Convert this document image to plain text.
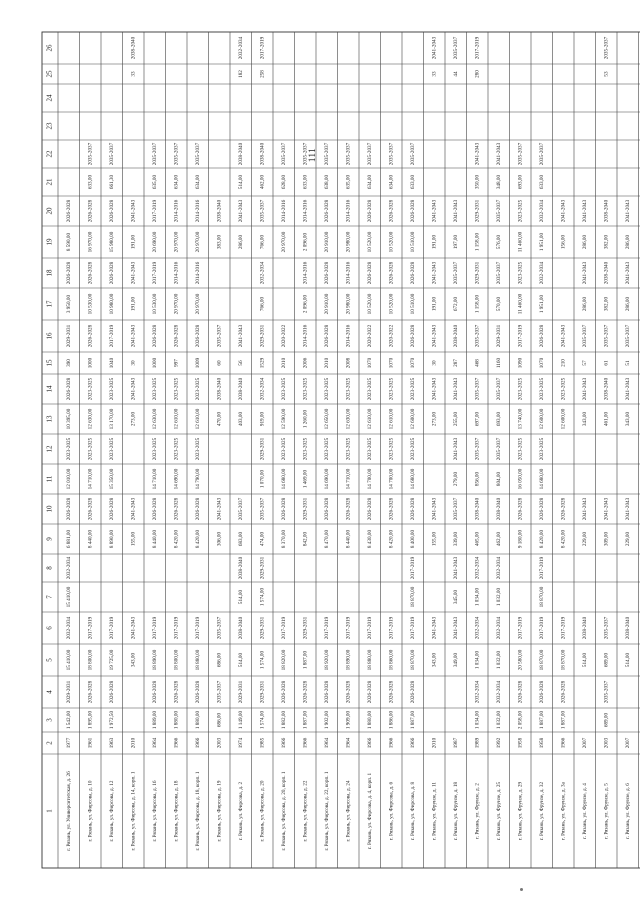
111
1
2
3
4
5
6
7
8
9
10
11
12
13
14
15
16
17
18
19
20
21
22
23
24
25
26
г. Рязань, ул. Университетская, д. 26
1977
1 542,00
2029-2031
15 410,00
2032-2034
15 410,00
2032-2034
6 881,00
2026-2028
12 010,00
2023-2025
10 395,00
2026-2028
390
2029-2031
3 950,00
2026-2028
8 590,00
2026-2028
г. Рязань, ул. Фирсова, д. 10
1961
1 895,00
2026-2028
18 800,00
2017-2019
8 440,00
2026-2028
14 710,00
2023-2025
12 630,00
2023-2025
1000
2026-2028
10 530,00
2026-2028
16 970,00
2026-2028
633,00
2035-2037
г. Рязань, ул. Фирсова, д. 12
1963
1 972,50
2026-2028
19 725,00
2017-2019
8 890,00
2026-2028
15 350,00
2023-2025
13 170,00
2023-2025
1040
2017-2019
10 980,00
2026-2028
15 980,00
2026-2028
661,30
2035-2037
г. Рязань, ул. Фирсова, д. 14, корп. 1
2010
343,00
2041-2043
155,00
2041-2043
273,00
2041-2043
30
2041-2043
191,00
2041-2043
191,00
2041-2043
33
2038-2040
г. Рязань, ул. Фирсова, д. 16
1964
1 889,00
2026-2028
18 890,00
2017-2019
8 440,00
2026-2028
14 710,00
2023-2025
12 630,00
2023-2025
1000
2026-2028
10 530,00
2017-2019
20 690,00
2017-2019
635,00
2035-2037
г. Рязань, ул. Фирсова, д. 18
1966
1 880,00
2026-2028
18 800,00
2017-2019
8 420,00
2026-2028
14 690,00
2023-2025
12 610,00
2023-2025
997
2026-2028
20 970,00
2014-2016
20 970,00
2014-2016
634,00
2035-2037
г. Рязань, ул. Фирсова, д. 18, корп. 1
1966
1 880,00
2026-2028
18 880,00
2017-2019
8 420,00
2026-2028
14 790,00
2023-2025
12 610,00
2023-2025
1009
2026-2028
20 970,00
2014-2016
20 970,00
2014-2016
634,00
2035-2037
г. Рязань, ул. Фирсова, д. 19
2003
686,00
2035-2037
686,00
2035-2037
306,00
2041-2043
470,00
2038-2040
60
2035-2037
383,00
2038-2040
г. Рязань, ул. Фирсова, д. 2
1974
1 149,00
2029-2031
514,00
2038-2040
514,00
2038-2040
683,00
2035-2037
403,00
2038-2040
56
2041-2043
286,00
2041-2043
514,00
2038-2040
182
2032-2034
г. Рязань, ул. Фирсова, д. 20
1985
1 574,00
2029-2031
1 574,00
2029-2031
1 574,00
2029-2031
474,00
2035-2037
1 070,00
2029-2031
919,00
2032-2034
1529
2029-2031
766,00
2032-2034
766,00
2035-2037
462,00
2038-2040
258
2017-2019
г. Рязань, ул. Фирсова, д. 20, корп. 1
1966
1 882,00
2026-2028
18 820,00
2017-2019
8 370,00
2026-2028
14 680,00
2023-2025
12 590,00
2023-2025
2010
2020-2022
20 970,00
2014-2016
628,00
2035-2037
г. Рязань, ул. Фирсова, д. 22
1966
1 887,00
2026-2028
1 887,00
2029-2031
842,00
2029-2031
1 469,00
2023-2025
1 260,00
2023-2025
2006
2014-2016
2 096,00
2014-2016
2 096,00
2014-2016
633,00
2035-2037
г. Рязань, ул. Фирсова, д. 22, корп. 1
1964
1 902,00
2026-2028
18 920,00
2017-2019
8 470,00
2026-2028
14 690,00
2023-2025
12 650,00
2023-2025
2010
2026-2028
20 910,00
2026-2028
20 910,00
2026-2028
638,00
2035-2037
г. Рязань, ул. Фирсова, д. 24
1964
1 909,00
2026-2028
18 890,00
2017-2019
8 440,00
2026-2028
14 710,00
2023-2025
12 630,00
2023-2025
2008
2014-2016
20 980,00
2014-2016
20 980,00
2014-2016
635,00
2035-2037
г. Рязань, ул. Фирсова, д. 4, корп. 1
1966
1 880,00
2026-2028
18 880,00
2017-2019
8 430,00
2026-2028
14 700,00
2023-2025
12 610,00
2023-2025
1070
2020-2022
10 520,00
2026-2028
10 520,00
2026-2028
634,00
2035-2037
г. Рязань, ул. Фирсова, д. 6
1966
1 886,00
2026-2028
18 860,00
2017-2019
8 420,00
2026-2028
14 700,00
2023-2025
12 610,00
2023-2025
1070
2020-2022
10 520,00
2026-2028
10 520,00
2026-2028
634,00
2035-2037
г. Рязань, ул. Фирсова, д. 8
1966
1 887,00
2026-2028
18 870,00
2017-2019
18 870,00
2017-2019
8 400,00
2026-2028
14 680,00
2023-2025
12 600,00
2023-2025
1070
2026-2028
10 510,00
2026-2028
10 510,00
2026-2028
633,00
2035-2037
г. Рязань, ул. Фрунзе, д. 11
2010
343,00
2041-2043
155,00
2041-2043
273,00
2041-2043
30
2041-2043
191,00
2041-2043
191,00
2041-2043
33
2041-2043
г. Рязань, ул. Фрунзе, д. 18
1987
349,00
2041-2043
345,00
2041-2043
339,00
2035-2037
279,00
2041-2043
255,00
2041-2043
287
2038-2040
672,00
2035-2037
197,00
2041-2043
44
2035-2037
г. Рязань, ул. Фрунзе, д. 2
1989
1 034,00
2032-2034
1 034,00
2032-2034
1 034,00
2032-2034
465,00
2038-2040
856,00
2035-2037
697,00
2035-2037
468
2035-2037
1 158,00
2029-2031
1 158,00
2029-2031
350,00
2041-2043
280
2017-2019
г. Рязань, ул. Фрунзе, д. 25
1992
1 032,00
2032-2034
1 032,00
2032-2034
1 032,00
2032-2034
462,00
2038-2040
804,00
2035-2037
693,00
2035-2037
1160
2029-2031
570,00
2035-2037
576,00
2035-2037
348,00
2041-2043
г. Рязань, ул. Фрунзе, д. 29
1958
2 058,00
2026-2028
20 580,00
2017-2019
9 180,00
2026-2028
16 050,00
2023-2025
13 740,00
2023-2025
1090
2017-2019
11 460,00
2023-2025
11 460,00
2023-2025
693,00
2035-2037
г. Рязань, ул. Фрунзе, д. 32
1958
1 887,00
2026-2028
18 870,00
2017-2019
18 870,00
2017-2019
8 420,00
2026-2028
14 680,00
2023-2025
12 600,00
2023-2025
1070
2026-2028
1 951,00
2032-2034
1 951,00
2032-2034
633,00
2035-2037
г. Рязань, ул. Фрунзе, д. 3а
1966
1 887,00
2026-2028
18 870,00
2017-2019
8 420,00
2026-2028
12 600,00
2023-2025
210
2041-2043
156,00
2041-2043
г. Рязань, ул. Фрунзе, д. 4
2007
514,00
2038-2040
229,00
2041-2043
343,00
2041-2043
57
2035-2037
286,00
2041-2043
286,00
2041-2043
г. Рязань, ул. Фрунзе, д. 5
2003
689,00
2035-2037
689,00
2035-2037
309,00
2041-2043
461,00
2038-2040
61
2035-2037
382,00
2038-2040
382,00
2038-2040
53
2035-2037
г. Рязань, ул. Фрунзе, д. 6
2007
514,00
2038-2040
229,00
2041-2043
343,00
2041-2043
51
2035-2037
286,00
2041-2043
286,00
2041-2043
